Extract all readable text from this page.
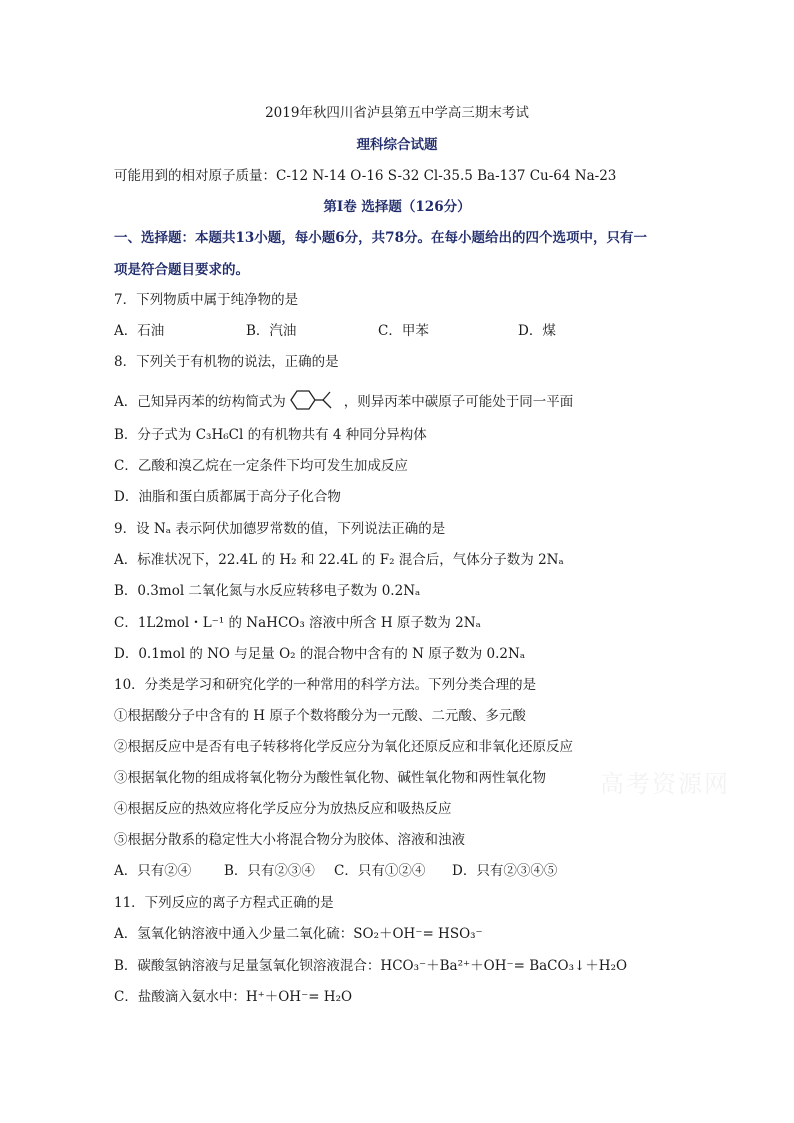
2019年秋四川省泸县第五中学高三期末考试
理科综合试题
可能用到的相对原子质量：C-12 N-14 O-16 S-32 Cl-35.5 Ba-137 Cu-64 Na-23
第Ⅰ卷 选择题（126分）
一、选择题：本题共13小题，每小题6分，共78分。在每小题给出的四个选项中，只有一
项是符合题目要求的。
7．下列物质中属于纯净物的是
A．石油	B．汽油	C．甲苯	D．煤
8．下列关于有机物的说法，正确的是
A．己知异丙苯的纺构简式为	，则异丙苯中碳原子可能处于同一平面
B．分子式为 C₃H₆Cl 的有机物共有 4 种同分异构体
C．乙酸和溴乙烷在一定条件下均可发生加成反应
D．油脂和蛋白质都属于高分子化合物
9．设 Nₐ 表示阿伏加德罗常数的值，下列说法正确的是
A．标准状况下，22.4L 的 H₂ 和 22.4L 的 F₂ 混合后，气体分子数为 2Nₐ
B．0.3mol 二氧化氮与水反应转移电子数为 0.2Nₐ
C．1L2mol・L⁻¹ 的 NaHCO₃ 溶液中所含 H 原子数为 2Nₐ
D．0.1mol 的 NO 与足量 O₂ 的混合物中含有的 N 原子数为 0.2Nₐ
10．分类是学习和研究化学的一种常用的科学方法。下列分类合理的是
①根据酸分子中含有的 H 原子个数将酸分为一元酸、二元酸、多元酸
②根据反应中是否有电子转移将化学反应分为氧化还原反应和非氧化还原反应
③根据氧化物的组成将氧化物分为酸性氧化物、碱性氧化物和两性氧化物
④根据反应的热效应将化学反应分为放热反应和吸热反应
⑤根据分散系的稳定性大小将混合物分为胶体、溶液和浊液
A．只有②④	B．只有②③④	C．只有①②④	D．只有②③④⑤
11．下列反应的离子方程式正确的是
A．氢氧化钠溶液中通入少量二氧化硫：SO₂＋OH⁻= HSO₃⁻
B．碳酸氢钠溶液与足量氢氧化钡溶液混合：HCO₃⁻＋Ba²⁺＋OH⁻= BaCO₃↓＋H₂O
C．盐酸滴入氨水中：H⁺＋OH⁻= H₂O
高考资源网
